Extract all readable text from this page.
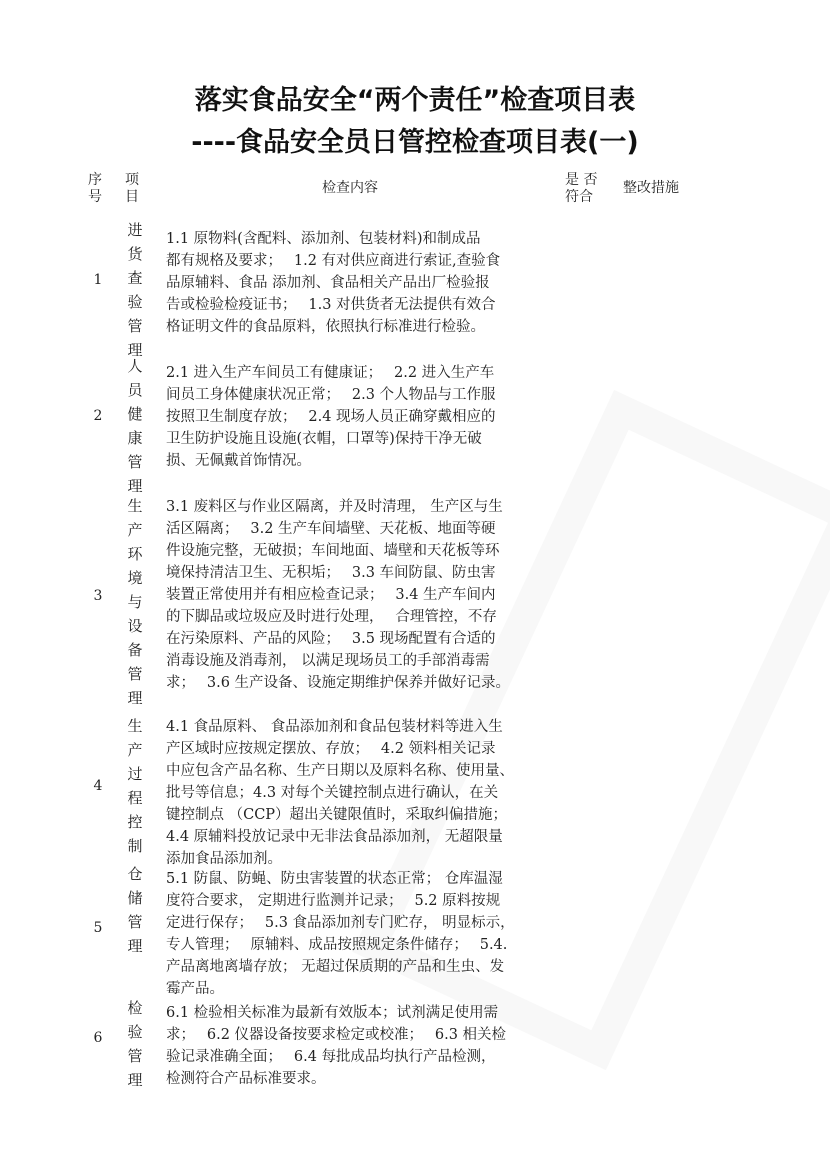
落实食品安全“两个责任”检查项目表
----食品安全员日管控检查项目表(一)
序
号
项
目
检查内容	是 否
符合
整改措施
1
进货查验管理
1.1 原物料(含配料、添加剂、包装材料)和制成品
都有规格及要求；　 1.2 有对供应商进行索证,查验食
品原辅料、食品 添加剂、食品相关产品出厂检验报
告或检验检疫证书；　 1.3 对供货者无法提供有效合
格证明文件的食品原料，依照执行标准进行检验。
2
人员健康管理
2.1 进入生产车间员工有健康证；　 2.2 进入生产车
间员工身体健康状况正常；　 2.3 个人物品与工作服
按照卫生制度存放；　 2.4 现场人员正确穿戴相应的
卫生防护设施且设施(衣帽，口罩等)保持干净无破
损、无佩戴首饰情况。
3
生产环境与设备管理
3.1 废料区与作业区隔离，并及时清理， 生产区与生
活区隔离；　 3.2 生产车间墙壁、天花板、地面等硬
件设施完整，无破损；车间地面、墙壁和天花板等环
境保持清洁卫生、无积垢；　 3.3 车间防鼠、防虫害
装置正常使用并有相应检查记录；　 3.4 生产车间内
的下脚品或垃圾应及时进行处理，　 合理管控，不存
在污染原料、产品的风险；　 3.5 现场配置有合适的
消毒设施及消毒剂， 以满足现场员工的手部消毒需
求；　 3.6 生产设备、设施定期维护保养并做好记录。
4
生产过程控制
4.1 食品原料、 食品添加剂和食品包装材料等进入生
产区域时应按规定摆放、存放；　 4.2 领料相关记录
中应包含产品名称、生产日期以及原料名称、使用量、
批号等信息；4.3 对每个关键控制点进行确认，在关
键控制点 （CCP）超出关键限值时，采取纠偏措施；
4.4 原辅料投放记录中无非法食品添加剂， 无超限量
添加食品添加剂。
5
仓储管理
5.1 防鼠、防蝇、防虫害装置的状态正常； 仓库温湿
度符合要求， 定期进行监测并记录；　 5.2 原料按规
定进行保存；　 5.3 食品添加剂专门贮存， 明显标示，
专人管理；　 原辅料、成品按照规定条件储存；　 5.4.
产品离地离墙存放； 无超过保质期的产品和生虫、发
霉产品。
6
检验管理
6.1 检验相关标准为最新有效版本；试剂满足使用需
求；　 6.2 仪器设备按要求检定或校准；　 6.3 相关检
验记录准确全面；　 6.4 每批成品均执行产品检测，
检测符合产品标准要求。
